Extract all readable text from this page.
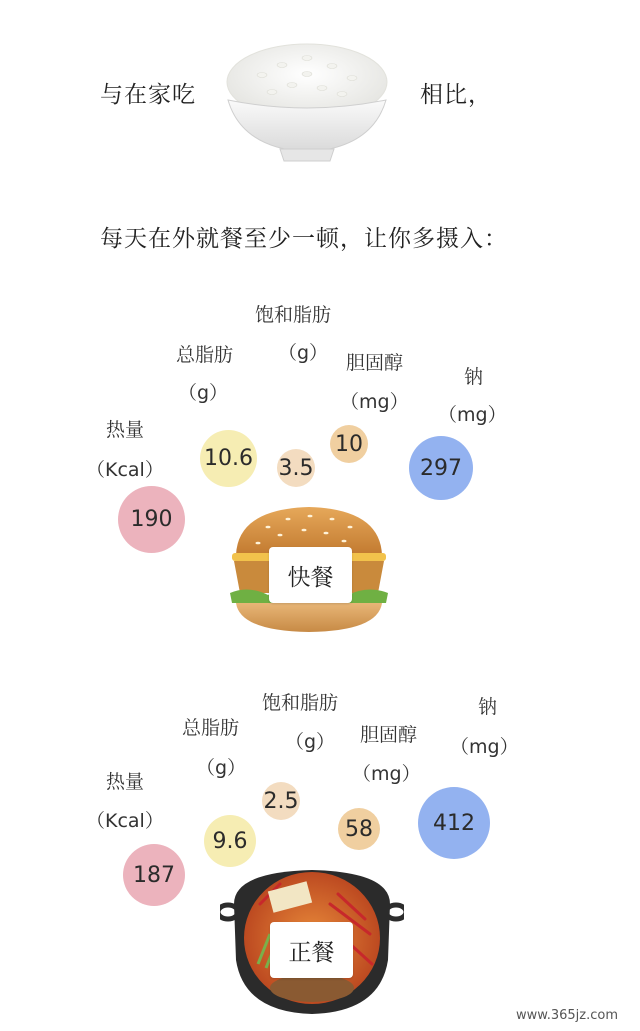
与在家吃	相比，
每天在外就餐至少一顿，让你多摄入：
饱和脂肪
（g）
总脂肪
（g）
胆固醇
（mg）
钠
（mg）
热量
（Kcal） 10.6 3.5
10
297
190
快餐
饱和脂肪
（g）
总脂肪
（g）
胆固醇
（mg）
钠
（mg）
热量
（Kcal）
2.5
9.6	58	412
187
正餐
www.365jz.com
